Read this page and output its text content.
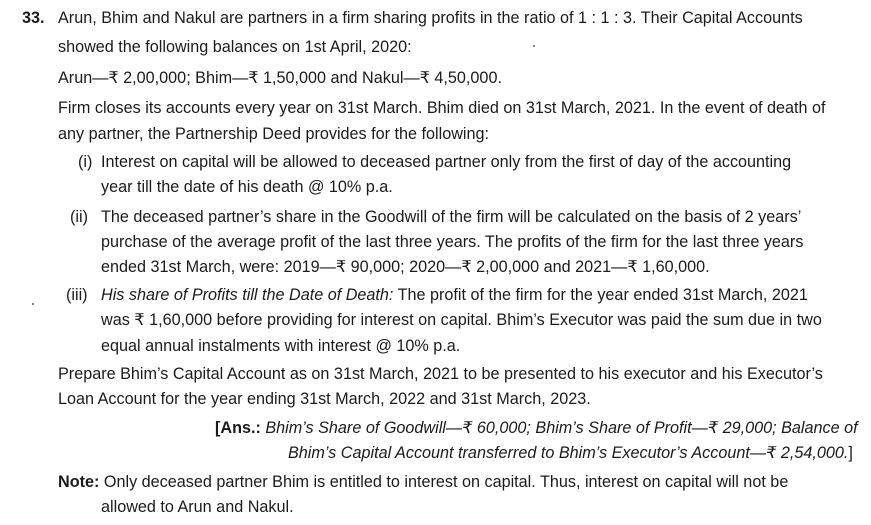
33. Arun, Bhim and Nakul are partners in a firm sharing profits in the ratio of 1 : 1 : 3. Their Capital Accounts
showed the following balances on 1st April, 2020:
Arun—₹ 2,00,000; Bhim—₹ 1,50,000 and Nakul—₹ 4,50,000.
Firm closes its accounts every year on 31st March. Bhim died on 31st March, 2021. In the event of death of
any partner, the Partnership Deed provides for the following:
(i) Interest on capital will be allowed to deceased partner only from the first of day of the accounting
year till the date of his death @ 10% p.a.
(ii) The deceased partner’s share in the Goodwill of the firm will be calculated on the basis of 2 years’
purchase of the average profit of the last three years. The profits of the firm for the last three years
ended 31st March, were: 2019—₹ 90,000; 2020—₹ 2,00,000 and 2021—₹ 1,60,000.
(iii) His share of Profits till the Date of Death: The profit of the firm for the year ended 31st March, 2021
was ₹ 1,60,000 before providing for interest on capital. Bhim’s Executor was paid the sum due in two
equal annual instalments with interest @ 10% p.a.
Prepare Bhim’s Capital Account as on 31st March, 2021 to be presented to his executor and his Executor’s
Loan Account for the year ending 31st March, 2022 and 31st March, 2023.
[Ans.: Bhim’s Share of Goodwill—₹ 60,000; Bhim’s Share of Profit—₹ 29,000; Balance of
Bhim’s Capital Account transferred to Bhim’s Executor’s Account—₹ 2,54,000.]
Note: Only deceased partner Bhim is entitled to interest on capital. Thus, interest on capital will not be
allowed to Arun and Nakul.
